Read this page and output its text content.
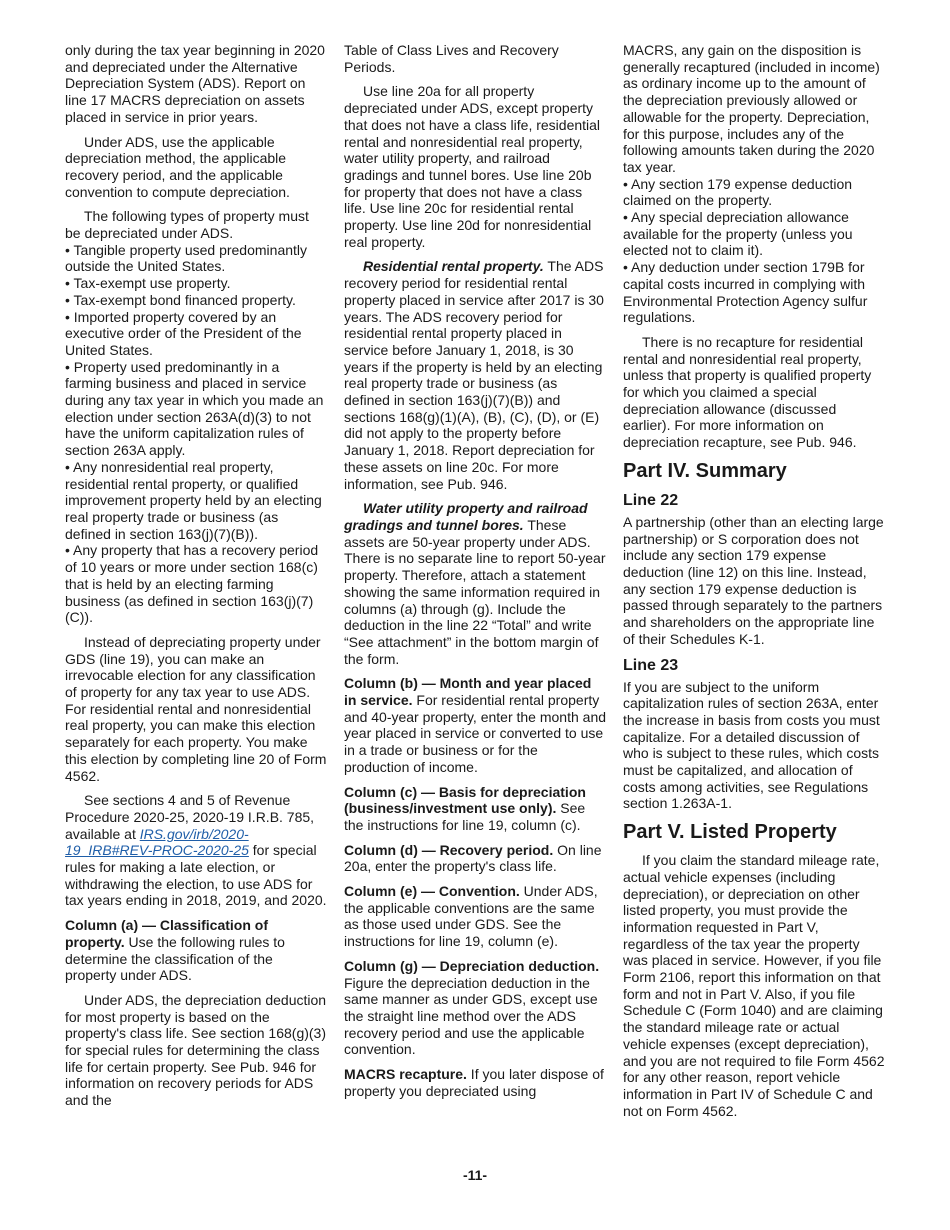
only during the tax year beginning in 2020 and depreciated under the Alternative Depreciation System (ADS). Report on line 17 MACRS depreciation on assets placed in service in prior years.

Under ADS, use the applicable depreciation method, the applicable recovery period, and the applicable convention to compute depreciation.

The following types of property must be depreciated under ADS.

• Tangible property used predominantly outside the United States.

• Tax-exempt use property.

• Tax-exempt bond financed property.

• Imported property covered by an executive order of the President of the United States.

• Property used predominantly in a farming business and placed in service during any tax year in which you made an election under section 263A(d)(3) to not have the uniform capitalization rules of section 263A apply.

• Any nonresidential real property, residential rental property, or qualified improvement property held by an electing real property trade or business (as defined in section 163(j)(7)(B)).

• Any property that has a recovery period of 10 years or more under section 168(c) that is held by an electing farming business (as defined in section 163(j)(7)(C)).

Instead of depreciating property under GDS (line 19), you can make an irrevocable election for any classification of property for any tax year to use ADS. For residential rental and nonresidential real property, you can make this election separately for each property. You make this election by completing line 20 of Form 4562.

See sections 4 and 5 of Revenue Procedure 2020-25, 2020-19 I.R.B. 785, available at IRS.gov/irb/2020-19_IRB#REV-PROC-2020-25 for special rules for making a late election, or withdrawing the election, to use ADS for tax years ending in 2018, 2019, and 2020.

Column (a) — Classification of property. Use the following rules to determine the classification of the property under ADS.

Under ADS, the depreciation deduction for most property is based on the property's class life. See section 168(g)(3) for special rules for determining the class life for certain property. See Pub. 946 for information on recovery periods for ADS and the

Table of Class Lives and Recovery Periods.

Use line 20a for all property depreciated under ADS, except property that does not have a class life, residential rental and nonresidential real property, water utility property, and railroad gradings and tunnel bores. Use line 20b for property that does not have a class life. Use line 20c for residential rental property. Use line 20d for nonresidential real property.

Residential rental property. The ADS recovery period for residential rental property placed in service after 2017 is 30 years. The ADS recovery period for residential rental property placed in service before January 1, 2018, is 30 years if the property is held by an electing real property trade or business (as defined in section 163(j)(7)(B)) and sections 168(g)(1)(A), (B), (C), (D), or (E) did not apply to the property before January 1, 2018. Report depreciation for these assets on line 20c. For more information, see Pub. 946.

Water utility property and railroad gradings and tunnel bores. These assets are 50-year property under ADS. There is no separate line to report 50-year property. Therefore, attach a statement showing the same information required in columns (a) through (g). Include the deduction in the line 22 “Total” and write “See attachment” in the bottom margin of the form.

Column (b) — Month and year placed in service. For residential rental property and 40-year property, enter the month and year placed in service or converted to use in a trade or business or for the production of income.

Column (c) — Basis for depreciation (business/investment use only). See the instructions for line 19, column (c).

Column (d) — Recovery period. On line 20a, enter the property's class life.

Column (e) — Convention. Under ADS, the applicable conventions are the same as those used under GDS. See the instructions for line 19, column (e).

Column (g) — Depreciation deduction. Figure the depreciation deduction in the same manner as under GDS, except use the straight line method over the ADS recovery period and use the applicable convention.

MACRS recapture. If you later dispose of property you depreciated using

MACRS, any gain on the disposition is generally recaptured (included in income) as ordinary income up to the amount of the depreciation previously allowed or allowable for the property. Depreciation, for this purpose, includes any of the following amounts taken during the 2020 tax year.

• Any section 179 expense deduction claimed on the property.

• Any special depreciation allowance available for the property (unless you elected not to claim it).

• Any deduction under section 179B for capital costs incurred in complying with Environmental Protection Agency sulfur regulations.

There is no recapture for residential rental and nonresidential real property, unless that property is qualified property for which you claimed a special depreciation allowance (discussed earlier). For more information on depreciation recapture, see Pub. 946.

Part IV. Summary
Line 22

A partnership (other than an electing large partnership) or S corporation does not include any section 179 expense deduction (line 12) on this line. Instead, any section 179 expense deduction is passed through separately to the partners and shareholders on the appropriate line of their Schedules K-1.

Line 23

If you are subject to the uniform capitalization rules of section 263A, enter the increase in basis from costs you must capitalize. For a detailed discussion of who is subject to these rules, which costs must be capitalized, and allocation of costs among activities, see Regulations section 1.263A-1.

Part V. Listed Property

If you claim the standard mileage rate, actual vehicle expenses (including depreciation), or depreciation on other listed property, you must provide the information requested in Part V, regardless of the tax year the property was placed in service. However, if you file Form 2106, report this information on that form and not in Part V. Also, if you file Schedule C (Form 1040) and are claiming the standard mileage rate or actual vehicle expenses (except depreciation), and you are not required to file Form 4562 for any other reason, report vehicle information in Part IV of Schedule C and not on Form 4562.

-11-
